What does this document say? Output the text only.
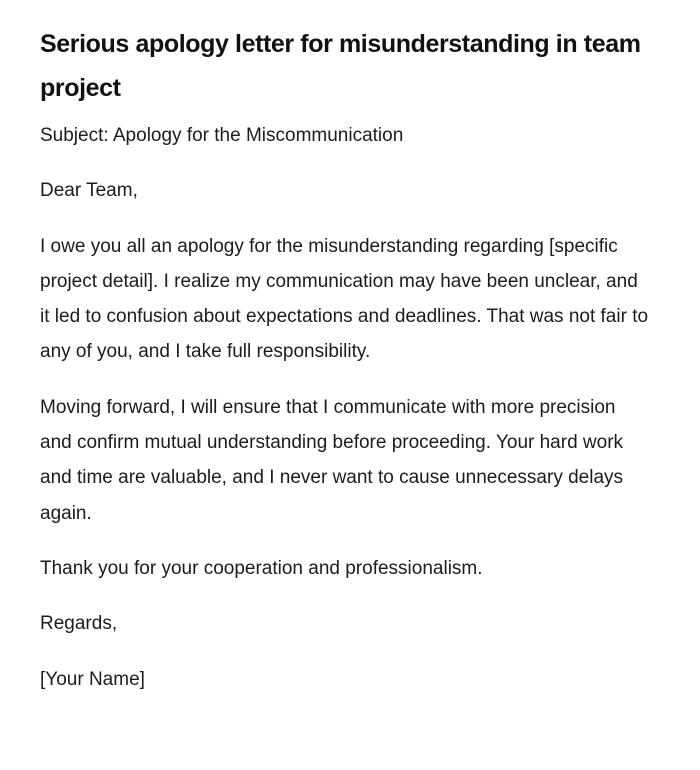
Serious apology letter for misunderstanding in team project

Subject: Apology for the Miscommunication

Dear Team,

I owe you all an apology for the misunderstanding regarding [specific project detail]. I realize my communication may have been unclear, and it led to confusion about expectations and deadlines. That was not fair to any of you, and I take full responsibility.

Moving forward, I will ensure that I communicate with more precision and confirm mutual understanding before proceeding. Your hard work and time are valuable, and I never want to cause unnecessary delays again.

Thank you for your cooperation and professionalism.

Regards,

[Your Name]
